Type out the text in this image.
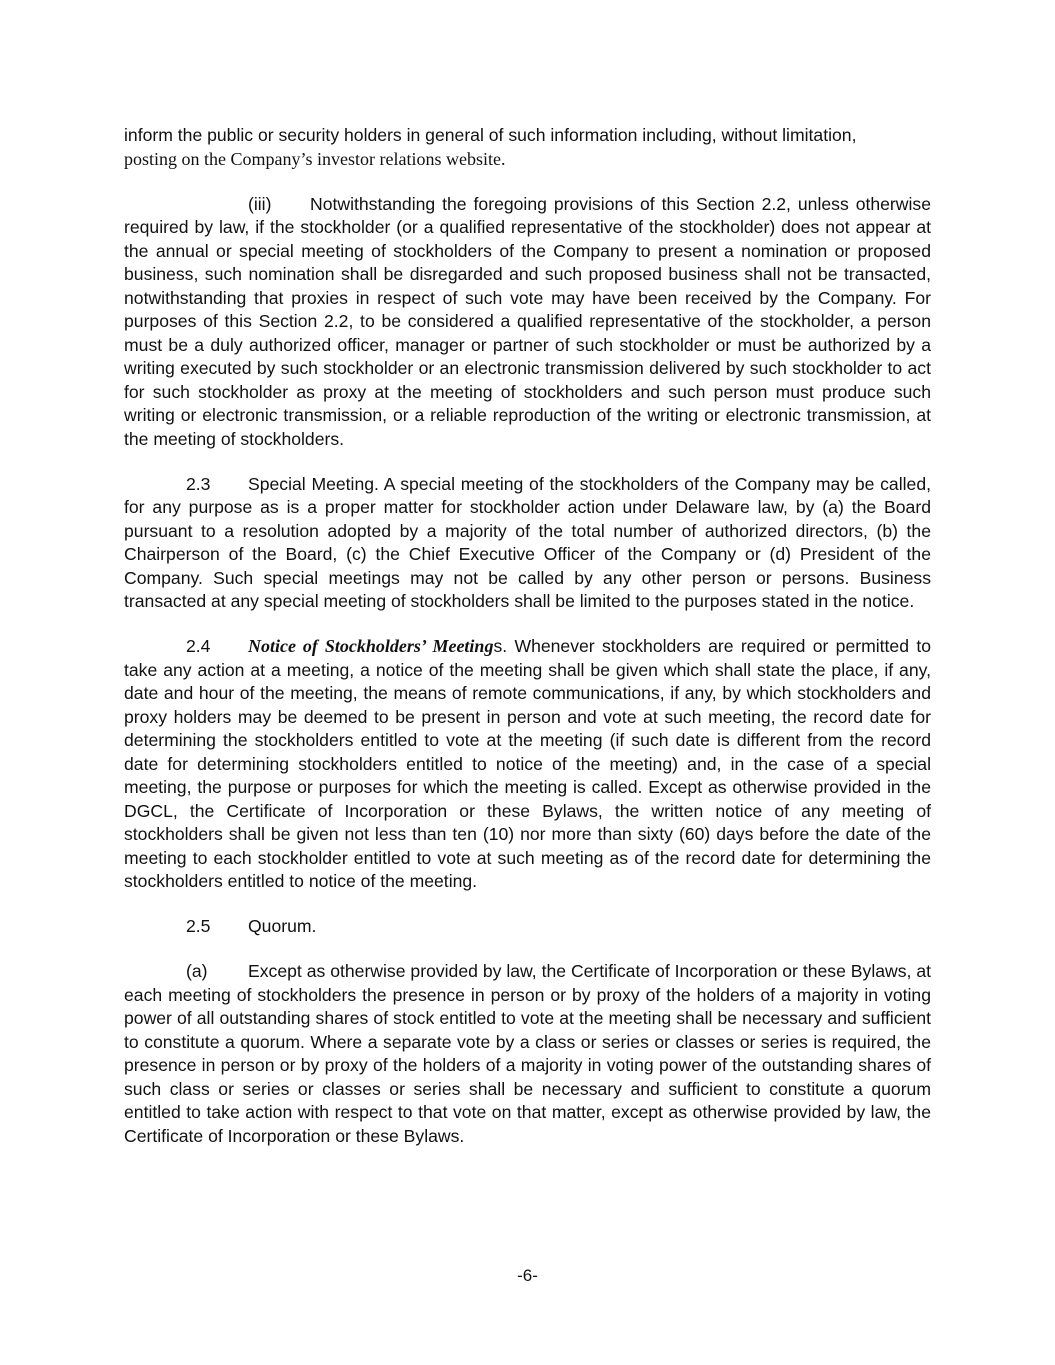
inform the public or security holders in general of such information including, without limitation,
posting on the Company’s investor relations website.

(iii) Notwithstanding the foregoing provisions of this Section 2.2, unless otherwise required by law, if the stockholder (or a qualified representative of the stockholder) does not appear at the annual or special meeting of stockholders of the Company to present a nomination or proposed business, such nomination shall be disregarded and such proposed business shall not be transacted, notwithstanding that proxies in respect of such vote may have been received by the Company. For purposes of this Section 2.2, to be considered a qualified representative of the stockholder, a person must be a duly authorized officer, manager or partner of such stockholder or must be authorized by a writing executed by such stockholder or an electronic transmission delivered by such stockholder to act for such stockholder as proxy at the meeting of stockholders and such person must produce such writing or electronic transmission, or a reliable reproduction of the writing or electronic transmission, at the meeting of stockholders.

2.3 Special Meeting. A special meeting of the stockholders of the Company may be called, for any purpose as is a proper matter for stockholder action under Delaware law, by (a) the Board pursuant to a resolution adopted by a majority of the total number of authorized directors, (b) the Chairperson of the Board, (c) the Chief Executive Officer of the Company or (d) President of the Company. Such special meetings may not be called by any other person or persons. Business transacted at any special meeting of stockholders shall be limited to the purposes stated in the notice.

2.4 Notice of Stockholders’ Meetings. Whenever stockholders are required or permitted to take any action at a meeting, a notice of the meeting shall be given which shall state the place, if any, date and hour of the meeting, the means of remote communications, if any, by which stockholders and proxy holders may be deemed to be present in person and vote at such meeting, the record date for determining the stockholders entitled to vote at the meeting (if such date is different from the record date for determining stockholders entitled to notice of the meeting) and, in the case of a special meeting, the purpose or purposes for which the meeting is called. Except as otherwise provided in the DGCL, the Certificate of Incorporation or these Bylaws, the written notice of any meeting of stockholders shall be given not less than ten (10) nor more than sixty (60) days before the date of the meeting to each stockholder entitled to vote at such meeting as of the record date for determining the stockholders entitled to notice of the meeting.

2.5 Quorum.

(a) Except as otherwise provided by law, the Certificate of Incorporation or these Bylaws, at each meeting of stockholders the presence in person or by proxy of the holders of a majority in voting power of all outstanding shares of stock entitled to vote at the meeting shall be necessary and sufficient to constitute a quorum. Where a separate vote by a class or series or classes or series is required, the presence in person or by proxy of the holders of a majority in voting power of the outstanding shares of such class or series or classes or series shall be necessary and sufficient to constitute a quorum entitled to take action with respect to that vote on that matter, except as otherwise provided by law, the Certificate of Incorporation or these Bylaws.

-6-
